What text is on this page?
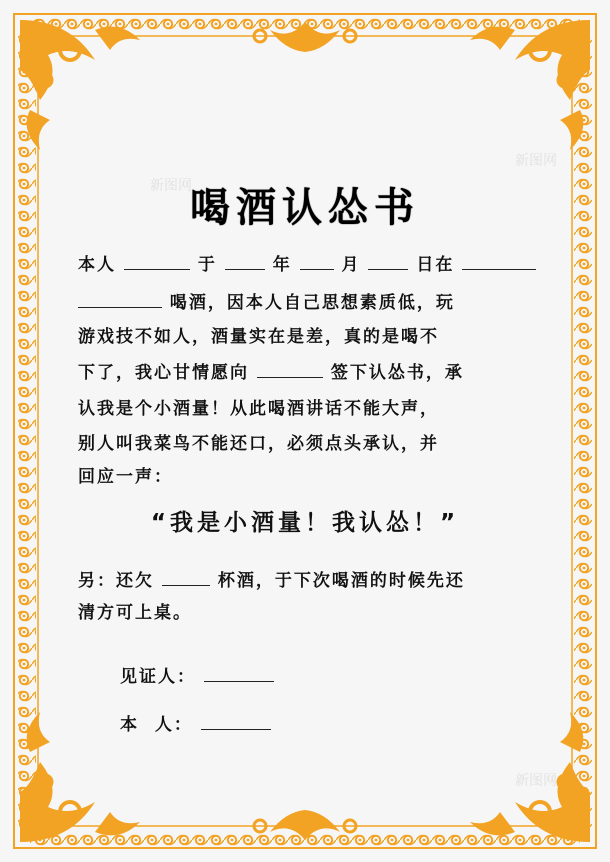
喝酒认怂书
本人	于	年	月	日在
喝酒，因本人自己思想素质低，玩
游戏技不如人，酒量实在是差，真的是喝不
下了，我心甘情愿向	签下认怂书，承
认我是个小酒量！从此喝酒讲话不能大声，
别人叫我菜鸟不能还口，必须点头承认，并
回应一声：
“我是小酒量！我认怂！”
另：还欠	杯酒，于下次喝酒的时候先还
清方可上桌。
见证人：
本  人：
新图网
新图网
新图网
